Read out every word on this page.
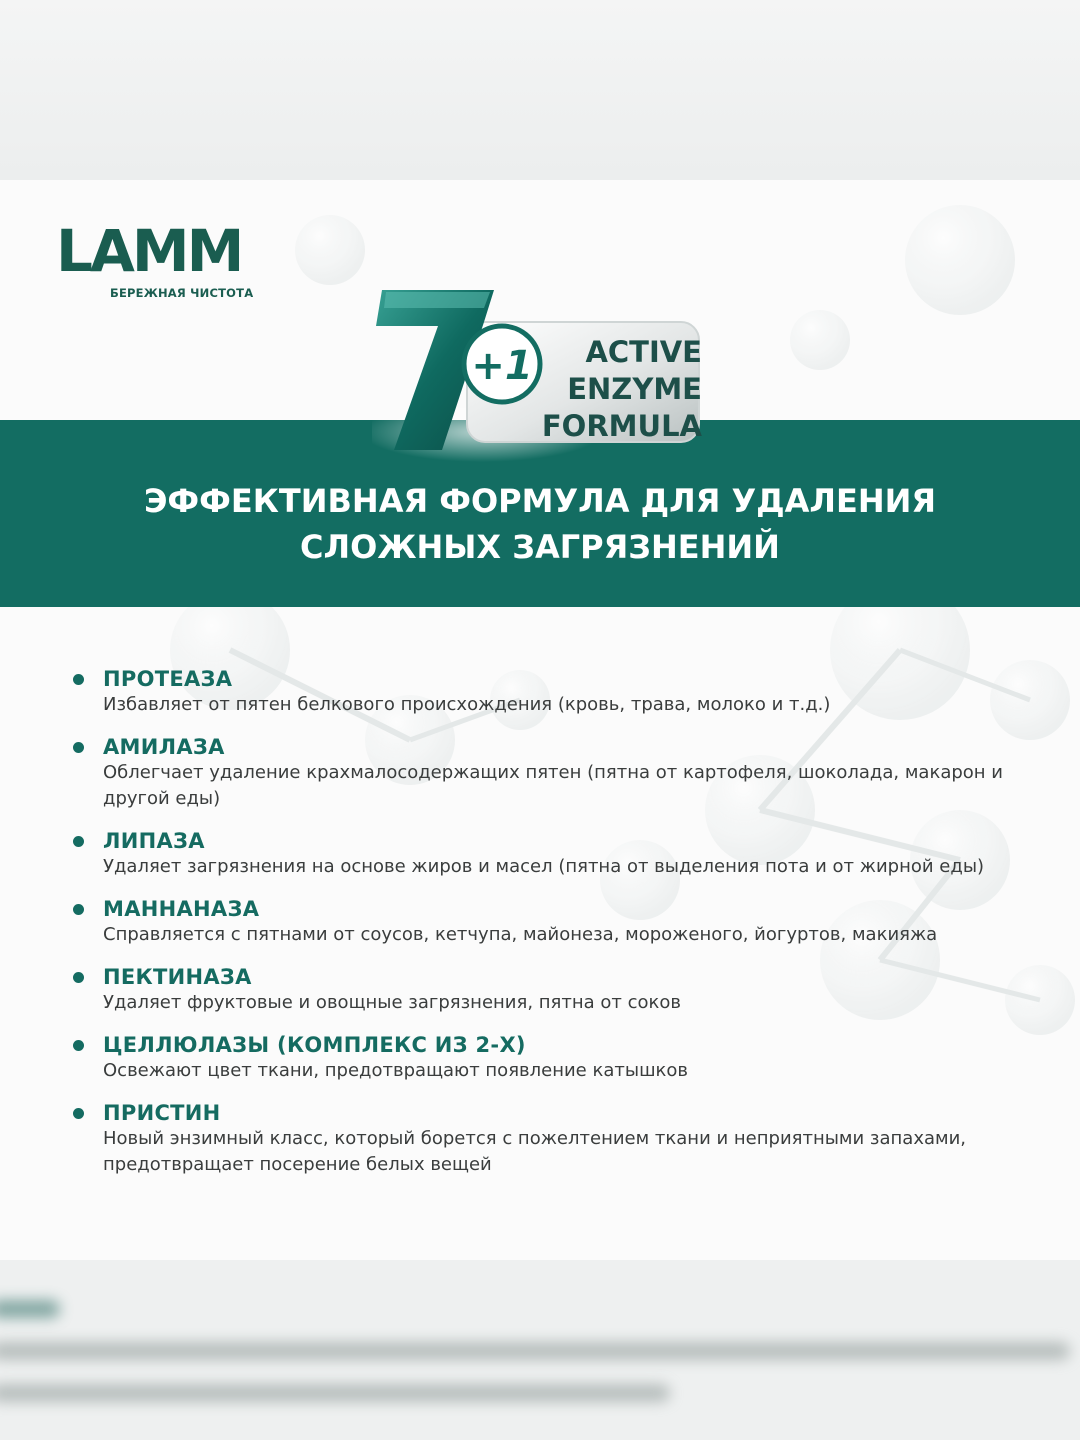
LAMM
БЕРЕЖНАЯ ЧИСТОТА
+1	ACTIVE
ENZYME
FORMULA
ЭФФЕКТИВНАЯ ФОРМУЛА ДЛЯ УДАЛЕНИЯ
СЛОЖНЫХ ЗАГРЯЗНЕНИЙ
ПРОТЕАЗА
Избавляет от пятен белкового происхождения (кровь, трава, молоко и т.д.)
АМИЛАЗА
Облегчает удаление крахмалосодержащих пятен (пятна от картофеля, шоколада, макарон и другой еды)
ЛИПАЗА
Удаляет загрязнения на основе жиров и масел (пятна от выделения пота и от жирной еды)
МАННАНАЗА
Справляется с пятнами от соусов, кетчупа, майонеза, мороженого, йогуртов, макияжа
ПЕКТИНАЗА
Удаляет фруктовые и овощные загрязнения, пятна от соков
ЦЕЛЛЮЛАЗЫ (КОМПЛЕКС ИЗ 2-Х)
Освежают цвет ткани, предотвращают появление катышков
ПРИСТИН
Новый энзимный класс, который борется с пожелтением ткани и неприятными запахами, предотвращает посерение белых вещей
